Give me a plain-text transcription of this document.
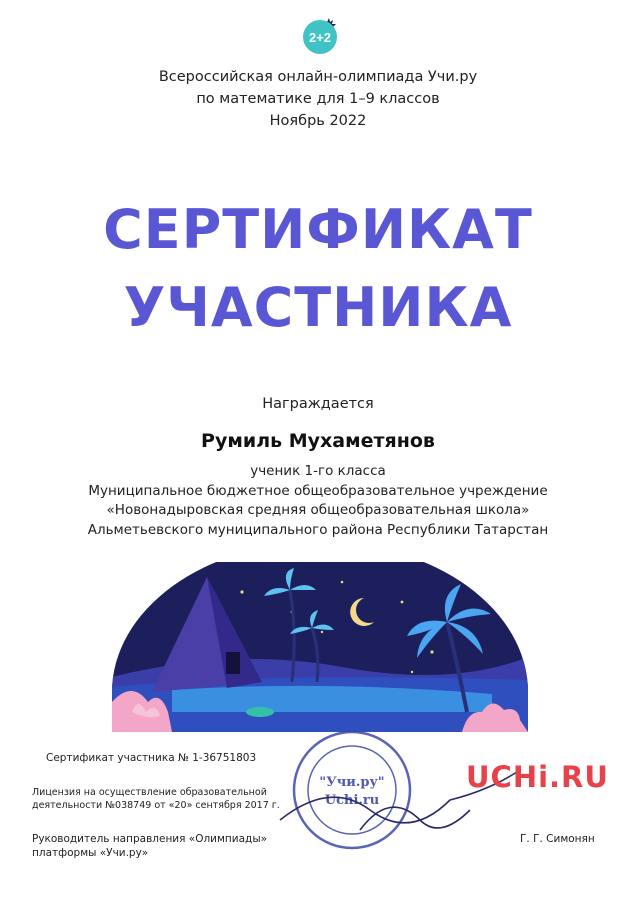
2+2
Всероссийская онлайн-олимпиада Учи.ру
по математике для 1–9 классов
Ноябрь 2022
СЕРТИФИКАТ
УЧАСТНИКА
Награждается
Румиль Мухаметянов
ученик 1-го класса
Муниципальное бюджетное общеобразовательное учреждение
«Новонадыровская средняя общеобразовательная школа»
Альметьевского муниципального района Республики Татарстан
Сертификат участника № 1-36751803
Лицензия на осуществление образовательной
деятельности №038749 от «20» сентября 2017 г.
Руководитель направления «Олимпиады»
платформы «Учи.ру»
"Учи.ру"
Uchi.ru
UCHi.RU
Г. Г. Симонян
